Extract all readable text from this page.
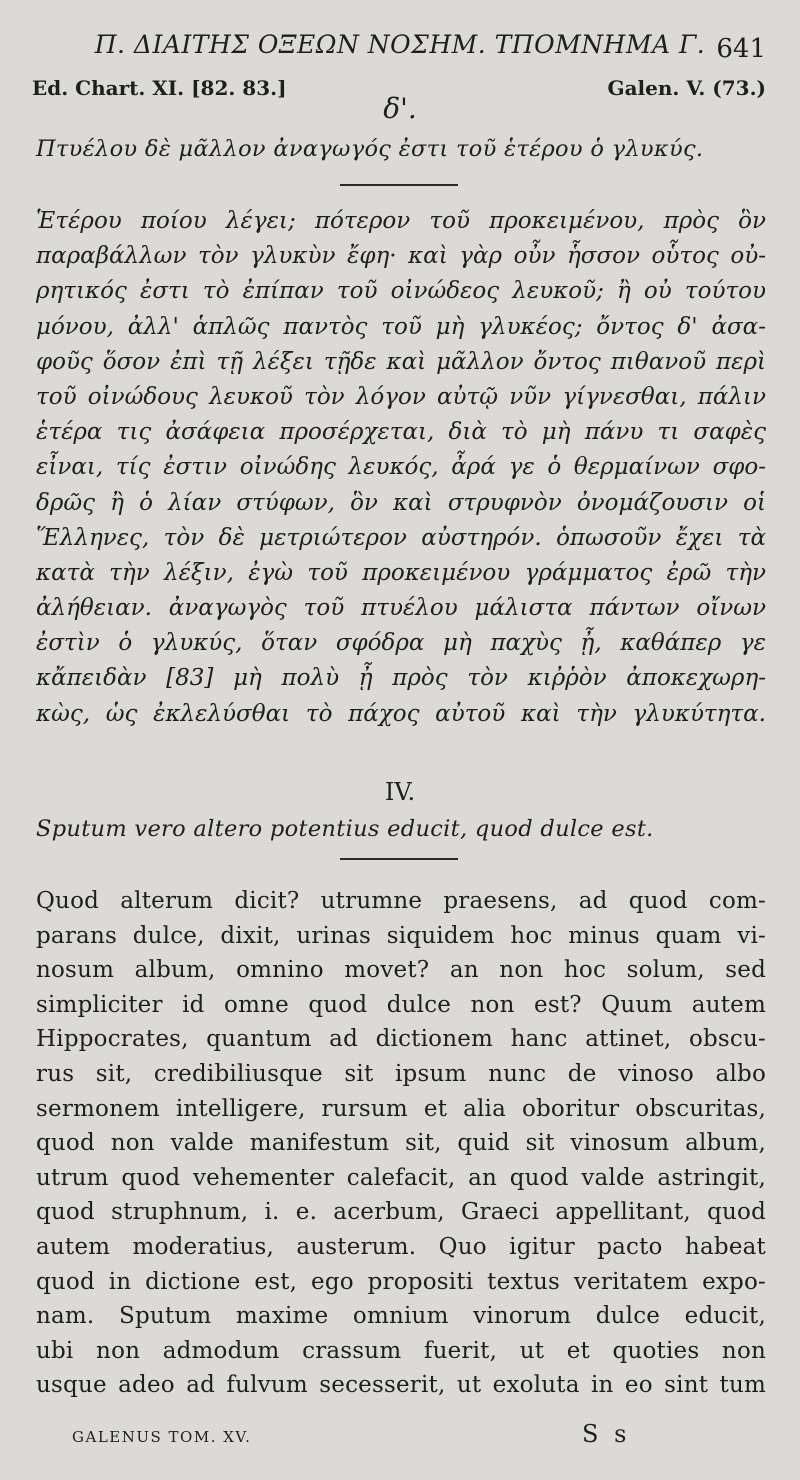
Π. ΔΙΑΙΤΗΣ ΟΞΕΩΝ ΝΟΣΗΜ. ΤΠΟΜΝΗΜΑ Γ. 641
Ed. Chart. XI. [82. 83.]	Galen. V. (73.)
δ'.
Πτυέλου δὲ μᾶλλον ἀναγωγός ἐστι τοῦ ἑτέρου ὁ γλυκύς.
Ἑτέρου ποίου λέγει; πότερον τοῦ προκειμένου, πρὸς ὃν
παραβάλλων τὸν γλυκὺν ἔφη· καὶ γὰρ οὖν ἧσσον οὗτος οὐ-
ρητικός ἐστι τὸ ἐπίπαν τοῦ οἰνώδεος λευκοῦ; ἢ οὐ τούτου
μόνου, ἀλλ' ἁπλῶς παντὸς τοῦ μὴ γλυκέος; ὄντος δ' ἀσα-
φοῦς ὅσον ἐπὶ τῇ λέξει τῇδε καὶ μᾶλλον ὄντος πιθανοῦ περὶ
τοῦ οἰνώδους λευκοῦ τὸν λόγον αὐτῷ νῦν γίγνεσθαι, πάλιν
ἑτέρα τις ἀσάφεια προσέρχεται, διὰ τὸ μὴ πάνυ τι σαφὲς
εἶναι, τίς ἐστιν οἰνώδης λευκός, ἆρά γε ὁ θερμαίνων σφο-
δρῶς ἢ ὁ λίαν στύφων, ὃν καὶ στρυφνὸν ὀνομάζουσιν οἱ
Ἕλληνες, τὸν δὲ μετριώτερον αὐστηρόν. ὁπωσοῦν ἔχει τὰ
κατὰ τὴν λέξιν, ἐγὼ τοῦ προκειμένου γράμματος ἐρῶ τὴν
ἀλήθειαν. ἀναγωγὸς τοῦ πτυέλου μάλιστα πάντων οἴνων
ἐστὶν ὁ γλυκύς, ὅταν σφόδρα μὴ παχὺς ᾖ, καθάπερ γε
κἄπειδὰν [83] μὴ πολὺ ᾖ πρὸς τὸν κιῤῥὸν ἀποκεχωρη-
κὼς, ὡς ἐκλελύσθαι τὸ πάχος αὐτοῦ καὶ τὴν γλυκύτητα.
IV.
Sputum vero altero potentius educit, quod dulce est.
Quod alterum dicit? utrumne praesens, ad quod com-
parans dulce, dixit, urinas siquidem hoc minus quam vi-
nosum album, omnino movet? an non hoc solum, sed
simpliciter id omne quod dulce non est? Quum autem
Hippocrates, quantum ad dictionem hanc attinet, obscu-
rus sit, credibiliusque sit ipsum nunc de vinoso albo
sermonem intelligere, rursum et alia oboritur obscuritas,
quod non valde manifestum sit, quid sit vinosum album,
utrum quod vehementer calefacit, an quod valde astringit,
quod struphnum, i. e. acerbum, Graeci appellitant, quod
autem moderatius, austerum. Quo igitur pacto habeat
quod in dictione est, ego propositi textus veritatem expo-
nam. Sputum maxime omnium vinorum dulce educit,
ubi non admodum crassum fuerit, ut et quoties non
usque adeo ad fulvum secesserit, ut exoluta in eo sint tum
GALENUS TOM. XV.	S s
